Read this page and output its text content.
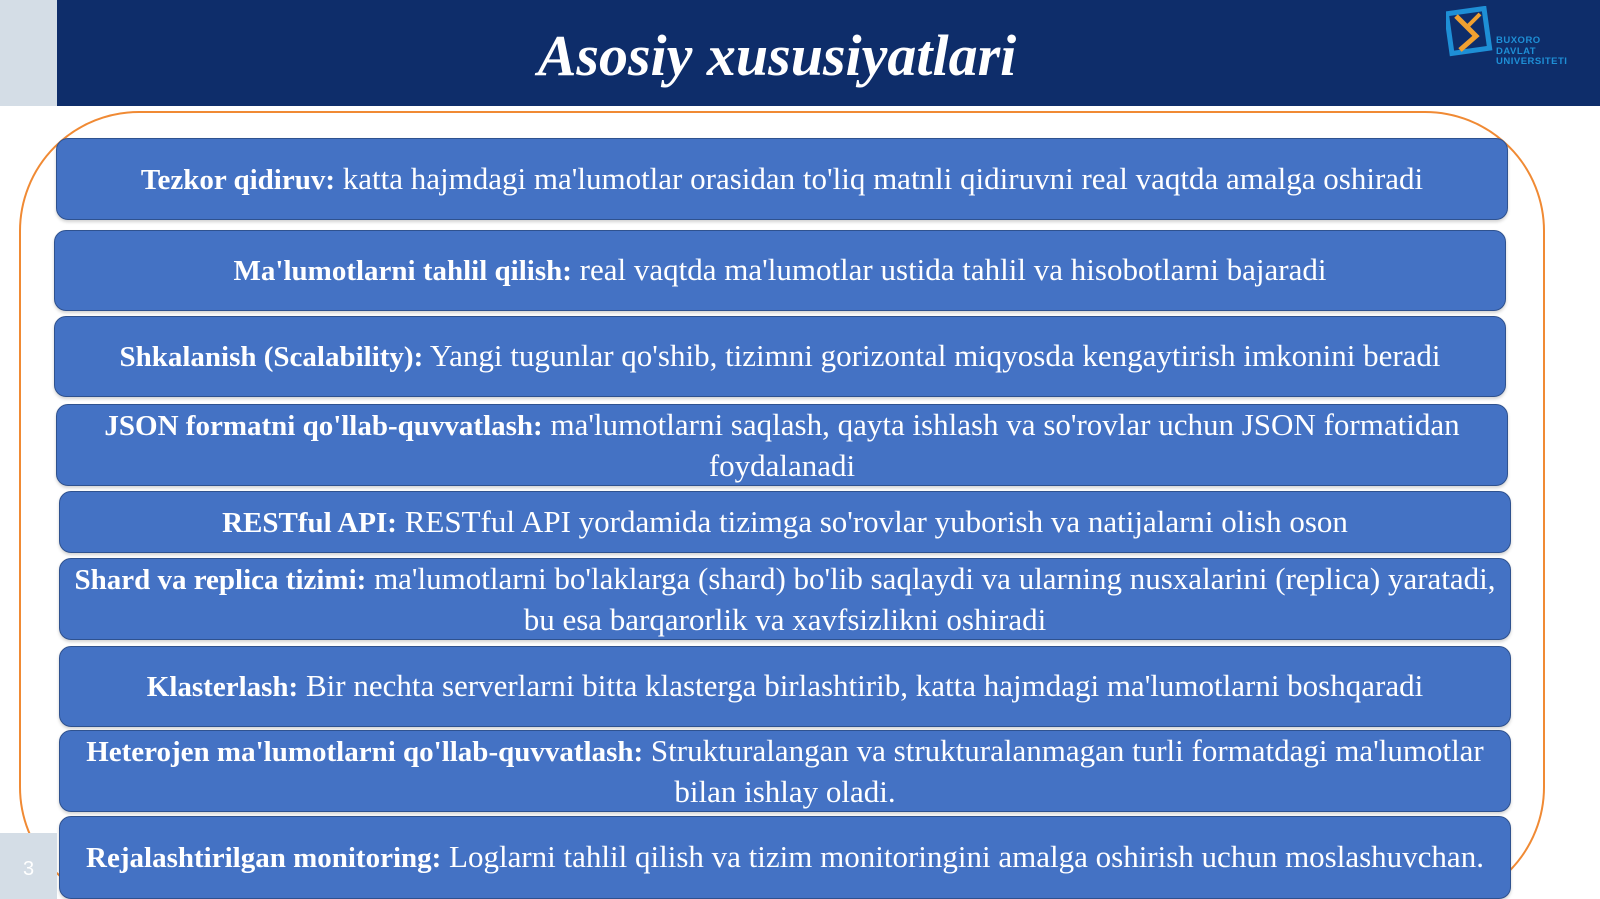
Asosiy xususiyatlari	BUXORO
DAVLAT
UNIVERSITETI
Tezkor qidiruv: katta hajmdagi ma'lumotlar orasidan to'liq matnli qidiruvni real vaqtda amalga oshiradi
Ma'lumotlarni tahlil qilish: real vaqtda ma'lumotlar ustida tahlil va hisobotlarni bajaradi
Shkalanish (Scalability): Yangi tugunlar qo'shib, tizimni gorizontal miqyosda kengaytirish imkonini beradi
JSON formatni qo'llab-quvvatlash: ma'lumotlarni saqlash, qayta ishlash va so'rovlar uchun JSON formatidan foydalanadi
RESTful API: RESTful API yordamida tizimga so'rovlar yuborish va natijalarni olish oson
Shard va replica tizimi: ma'lumotlarni bo'laklarga (shard) bo'lib saqlaydi va ularning nusxalarini (replica) yaratadi, bu esa barqarorlik va xavfsizlikni oshiradi
Klasterlash: Bir nechta serverlarni bitta klasterga birlashtirib, katta hajmdagi ma'lumotlarni boshqaradi
Heterojen ma'lumotlarni qo'llab-quvvatlash: Strukturalangan va strukturalanmagan turli formatdagi ma'lumotlar bilan ishlay oladi.
Rejalashtirilgan monitoring: Loglarni tahlil qilish va tizim monitoringini amalga oshirish uchun moslashuvchan.
3
